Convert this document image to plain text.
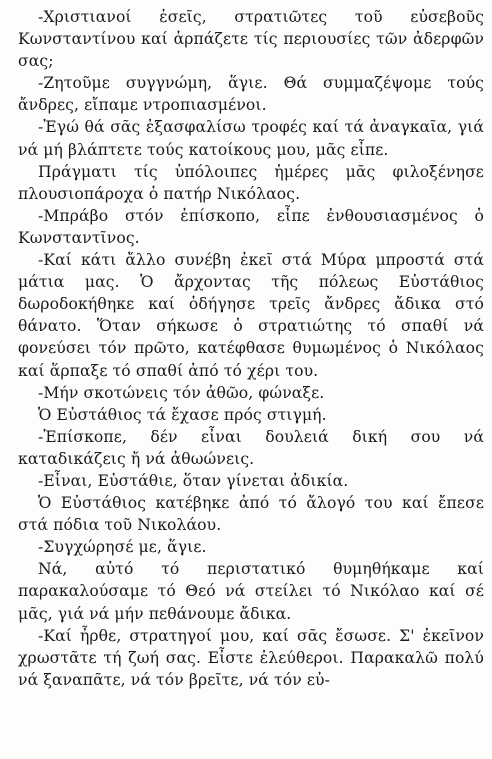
-Χριστιανοί ἐσεῖς, στρατιῶτες τοῦ εὐσεβοῦς Κωνσταντίνου καί ἁρπάζετε τίς περιουσίες τῶν ἀδερφῶν σας;

-Ζητοῦμε συγγνώμη, ἅγιε. Θά συμμαζέψομε τούς ἄνδρες, εἴπαμε ντροπιασμένοι.

-Ἐγώ θά σᾶς ἐξασφαλίσω τροφές καί τά ἀναγκαῖα, γιά νά μή βλάπτετε τούς κατοίκους μου, μᾶς εἶπε.

Πράγματι τίς ὑπόλοιπες ἡμέρες μᾶς φιλοξένησε πλουσιοπάροχα ὁ πατήρ Νικόλαος.

-Μπράβο στόν ἐπίσκοπο, εἶπε ἐνθουσιασμένος ὁ Κωνσταντῖνος.

-Καί κάτι ἄλλο συνέβη ἐκεῖ στά Μύρα μπροστά στά μάτια μας. Ὁ ἄρχοντας τῆς πόλεως Εὐστάθιος δωροδοκήθηκε καί ὁδήγησε τρεῖς ἄνδρες ἄδικα στό θάνατο. Ὅταν σήκωσε ὁ στρατιώτης τό σπαθί νά φονεύσει τόν πρῶτο, κατέφθασε θυμωμένος ὁ Νικόλαος καί ἅρπαξε τό σπαθί ἀπό τό χέρι του.

-Μήν σκοτώνεις τόν ἀθῶο, φώναξε.

Ὁ Εὐστάθιος τά ἔχασε πρός στιγμή.

-Ἐπίσκοπε, δέν εἶναι δουλειά δική σου νά καταδικάζεις ἤ νά ἀθωώνεις.

-Εἶναι, Εὐστάθιε, ὅταν γίνεται ἀδικία.

Ὁ Εὐστάθιος κατέβηκε ἀπό τό ἄλογό του καί ἔπεσε στά πόδια τοῦ Νικολάου.

-Συγχώρησέ με, ἅγιε.

Νά, αὐτό τό περιστατικό θυμηθήκαμε καί παρακαλούσαμε τό Θεό νά στείλει τό Νικόλαο καί σέ μᾶς, γιά νά μήν πεθάνουμε ἄδικα.

-Καί ἦρθε, στρατηγοί μου, καί σᾶς ἔσωσε. Σ' ἐκεῖνον χρωστᾶτε τή ζωή σας. Εἶστε ἐλεύθεροι. Παρακαλῶ πολύ νά ξαναπᾶτε, νά τόν βρεῖτε, νά τόν εὐ-
